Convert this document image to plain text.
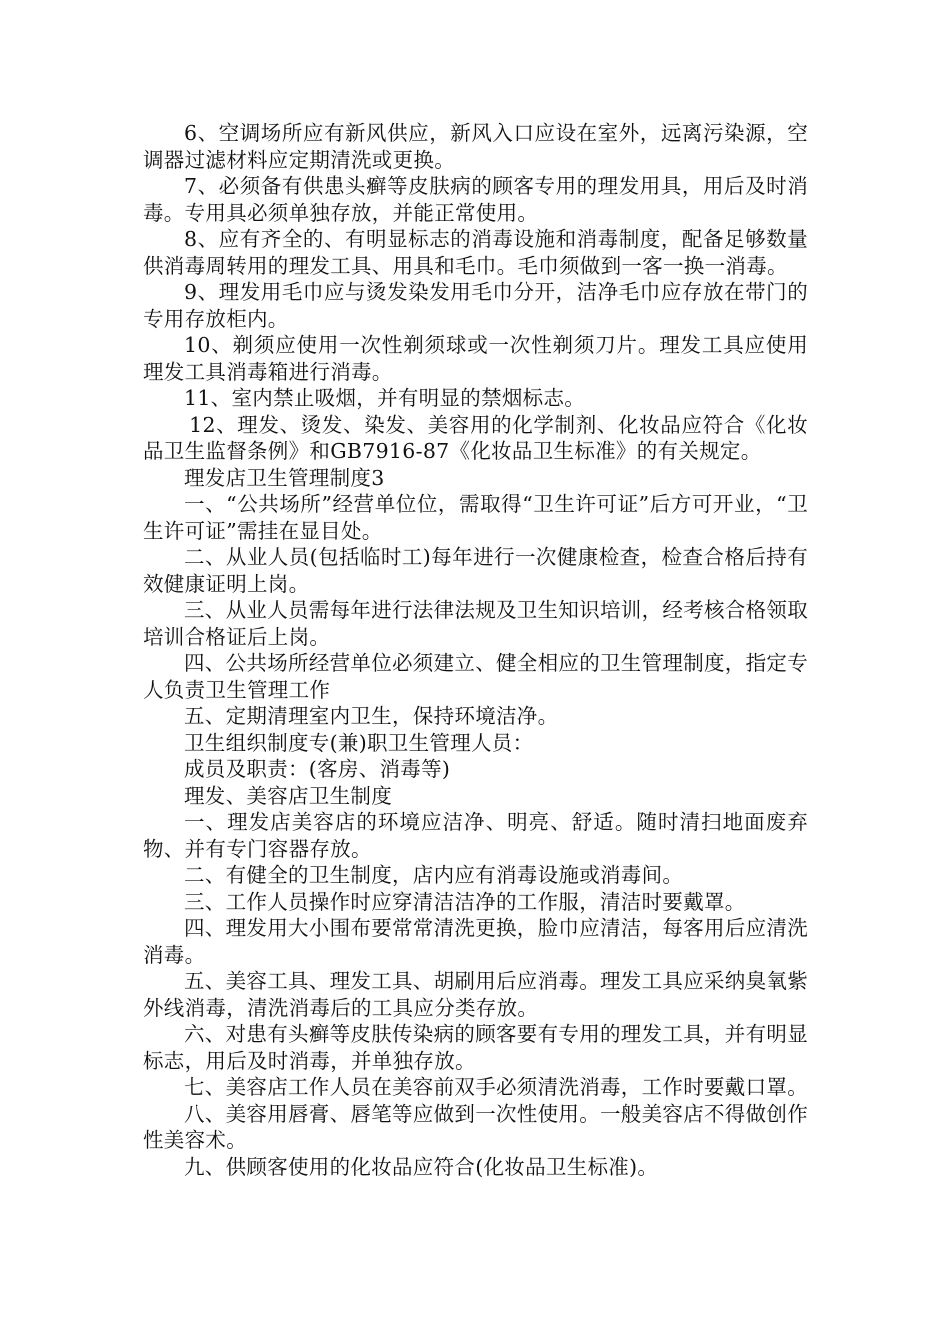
6、空调场所应有新风供应，新风入口应设在室外，远离污染源，空调器过滤材料应定期清洗或更换。

7、必须备有供患头癣等皮肤病的顾客专用的理发用具，用后及时消毒。专用具必须单独存放，并能正常使用。

8、应有齐全的、有明显标志的消毒设施和消毒制度，配备足够数量供消毒周转用的理发工具、用具和毛巾。毛巾须做到一客一换一消毒。

9、理发用毛巾应与烫发染发用毛巾分开，洁净毛巾应存放在带门的专用存放柜内。

10、剃须应使用一次性剃须球或一次性剃须刀片。理发工具应使用理发工具消毒箱进行消毒。

11、室内禁止吸烟，并有明显的禁烟标志。

12、理发、烫发、染发、美容用的化学制剂、化妆品应符合《化妆品卫生监督条例》和GB7916-87《化妆品卫生标准》的有关规定。

理发店卫生管理制度3

一、“公共场所”经营单位位，需取得“卫生许可证”后方可开业，“卫生许可证”需挂在显目处。

二、从业人员(包括临时工)每年进行一次健康检查，检查合格后持有效健康证明上岗。

三、从业人员需每年进行法律法规及卫生知识培训，经考核合格领取培训合格证后上岗。

四、公共场所经营单位必须建立、健全相应的卫生管理制度，指定专人负责卫生管理工作

五、定期清理室内卫生，保持环境洁净。

卫生组织制度专(兼)职卫生管理人员：

成员及职责：(客房、消毒等)

理发、美容店卫生制度

一、理发店美容店的环境应洁净、明亮、舒适。随时清扫地面废弃物、并有专门容器存放。

二、有健全的卫生制度，店内应有消毒设施或消毒间。

三、工作人员操作时应穿清洁洁净的工作服，清洁时要戴罩。

四、理发用大小围布要常常清洗更换，脸巾应清洁，每客用后应清洗消毒。

五、美容工具、理发工具、胡刷用后应消毒。理发工具应采纳臭氧紫外线消毒，清洗消毒后的工具应分类存放。

六、对患有头癣等皮肤传染病的顾客要有专用的理发工具，并有明显标志，用后及时消毒，并单独存放。

七、美容店工作人员在美容前双手必须清洗消毒，工作时要戴口罩。

八、美容用唇膏、唇笔等应做到一次性使用。一般美容店不得做创作性美容术。

九、供顾客使用的化妆品应符合(化妆品卫生标准)。
